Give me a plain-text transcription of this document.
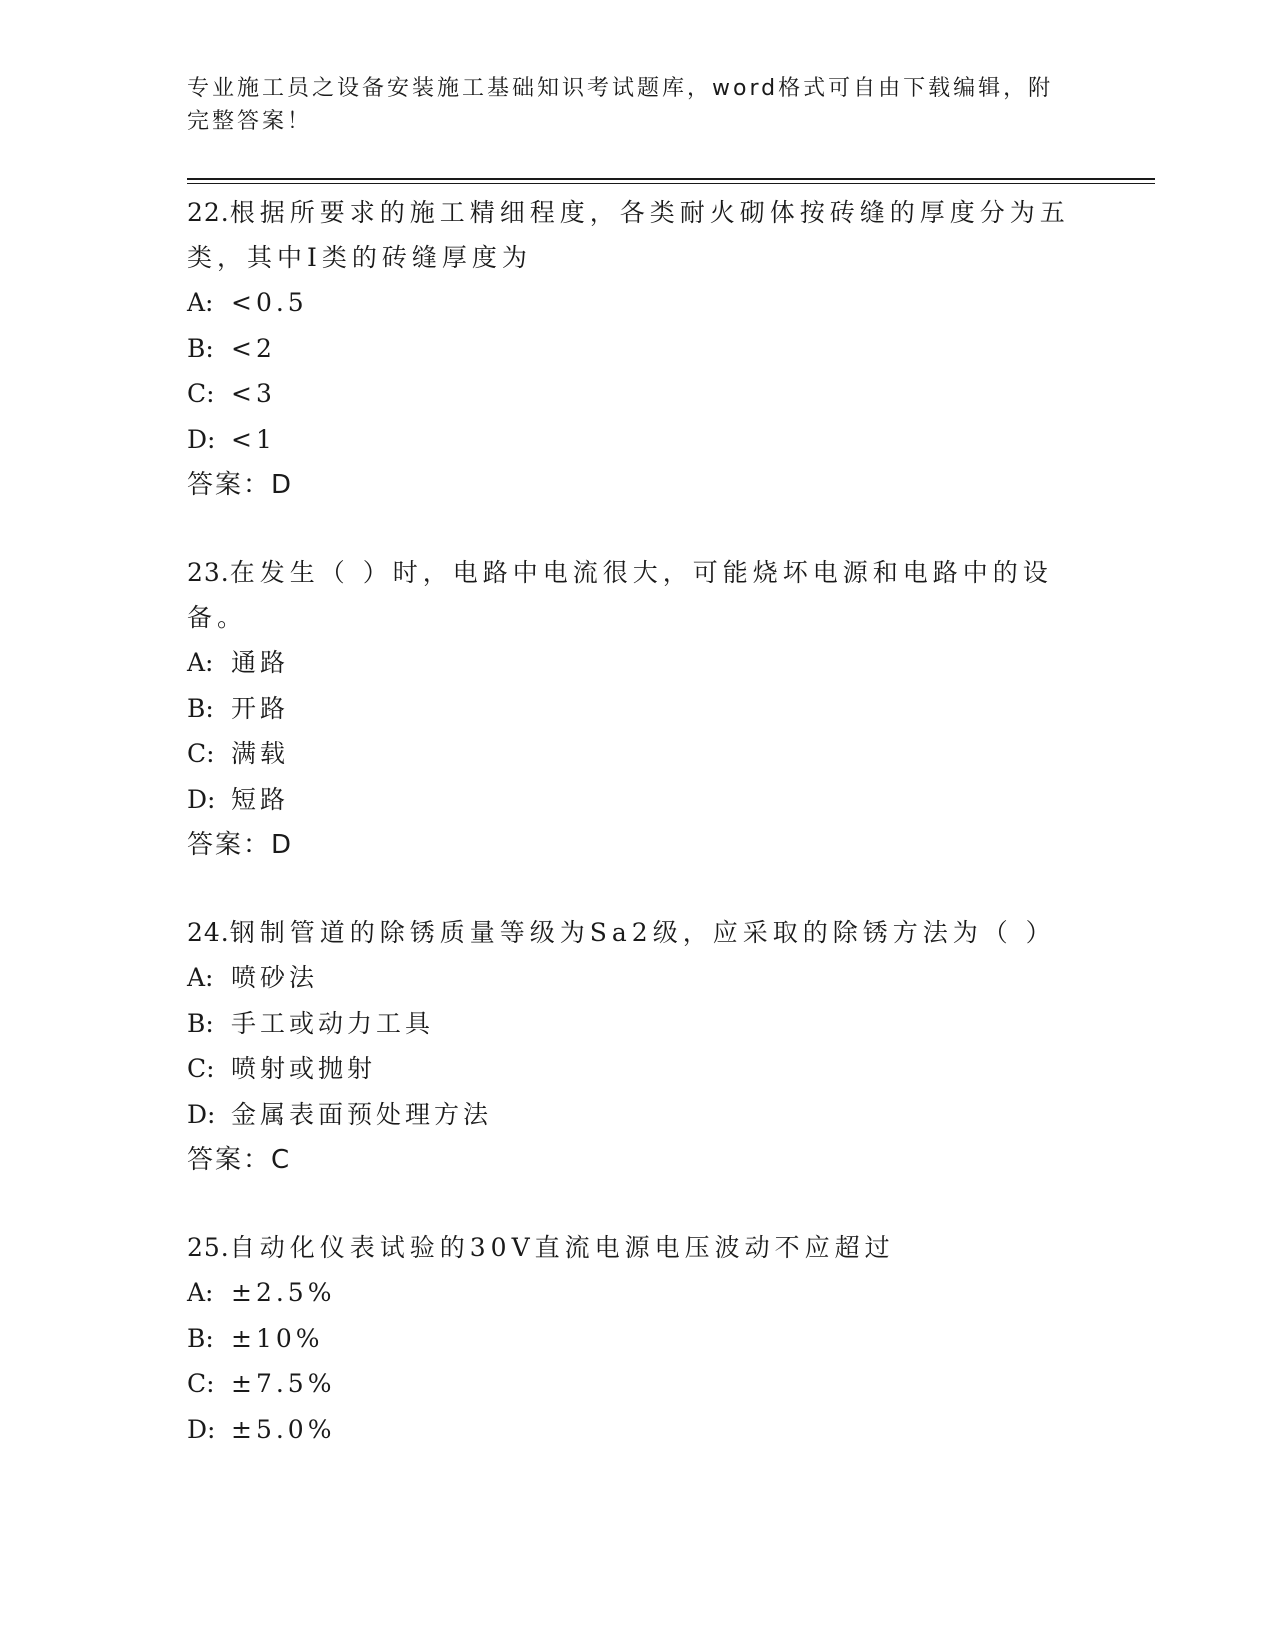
专业施工员之设备安装施工基础知识考试题库，word格式可自由下载编辑，附完整答案！
22.根据所要求的施工精细程度，各类耐火砌体按砖缝的厚度分为五类，其中I类的砖缝厚度为
A: <0.5
B: <2
C: <3
D: <1
答案：D
23.在发生（ ）时，电路中电流很大，可能烧坏电源和电路中的设备。
A: 通路
B: 开路
C: 满载
D: 短路
答案：D
24.钢制管道的除锈质量等级为Sa2级，应采取的除锈方法为（ ）
A: 喷砂法
B: 手工或动力工具
C: 喷射或抛射
D: 金属表面预处理方法
答案：C
25.自动化仪表试验的30V直流电源电压波动不应超过
A: ±2.5%
B: ±10%
C: ±7.5%
D: ±5.0%
